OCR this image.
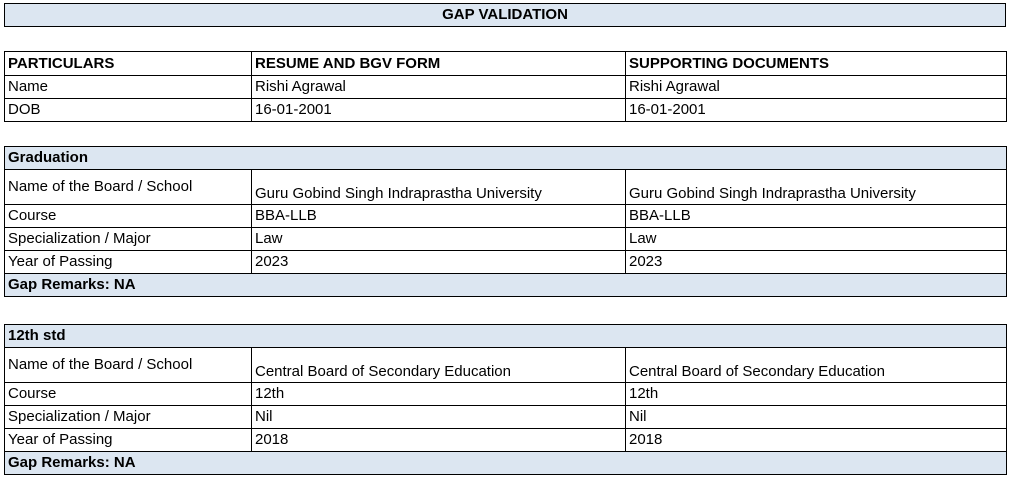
GAP VALIDATION
PARTICULARS	RESUME AND BGV FORM	SUPPORTING DOCUMENTS
Name	Rishi Agrawal	Rishi Agrawal
DOB	16-01-2001	16-01-2001
Graduation		
Name of the Board / School	Guru Gobind Singh Indraprastha University	Guru Gobind Singh Indraprastha University
Course	BBA-LLB	BBA-LLB
Specialization / Major	Law	Law
Year of Passing	2023	2023
Gap Remarks: NA		
12th std		
Name of the Board / School	Central Board of Secondary Education	Central Board of Secondary Education
Course	12th	12th
Specialization / Major	Nil	Nil
Year of Passing	2018	2018
Gap Remarks: NA		
